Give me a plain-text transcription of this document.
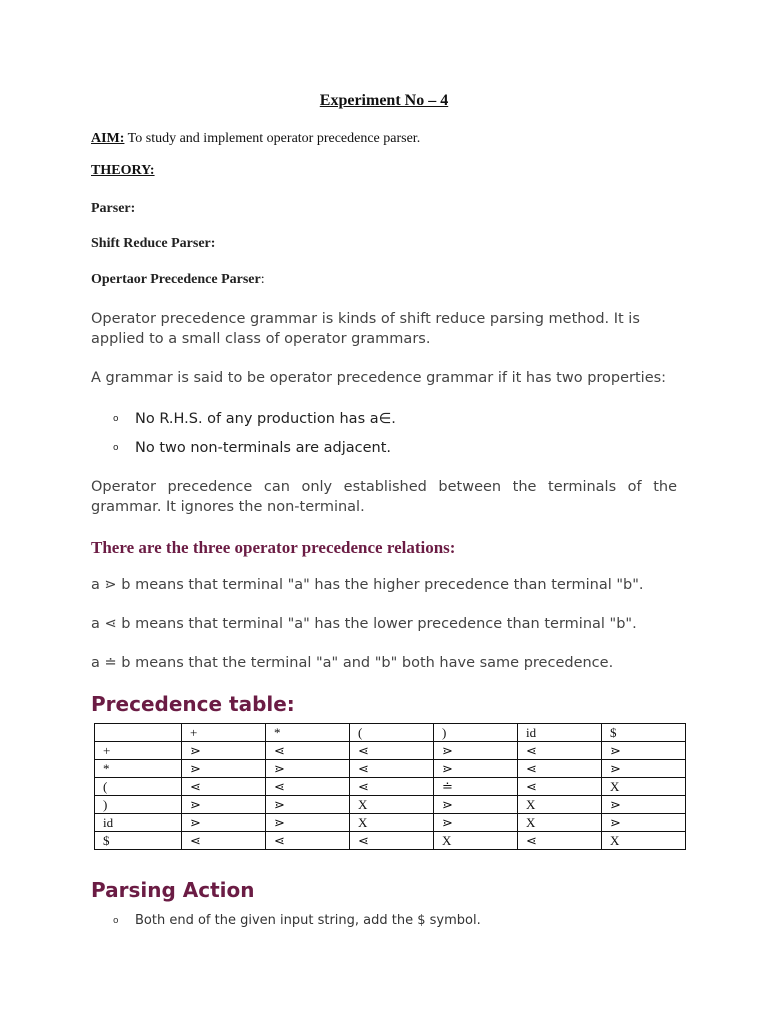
Experiment No – 4
AIM: To study and implement operator precedence parser.
THEORY:
Parser:
Shift Reduce Parser:
Opertaor Precedence Parser:
Operator precedence grammar is kinds of shift reduce parsing method. It is applied to a small class of operator grammars.
A grammar is said to be operator precedence grammar if it has two properties:
o No R.H.S. of any production has a∈.
o No two non-terminals are adjacent.
Operator precedence can only established between the terminals of the grammar. It ignores the non-terminal.
There are the three operator precedence relations:
a ⋗ b means that terminal "a" has the higher precedence than terminal "b".
a ⋖ b means that terminal "a" has the lower precedence than terminal "b".
a ≐ b means that the terminal "a" and "b" both have same precedence.
Precedence table:
	+	*	(	)	id	$
+	⋗	⋖	⋖	⋗	⋖	⋗
*	⋗	⋗	⋖	⋗	⋖	⋗
(	⋖	⋖	⋖	≐	⋖	X
)	⋗	⋗	X	⋗	X	⋗
id	⋗	⋗	X	⋗	X	⋗
$	⋖	⋖	⋖	X	⋖	X
Parsing Action
o Both end of the given input string, add the $ symbol.
